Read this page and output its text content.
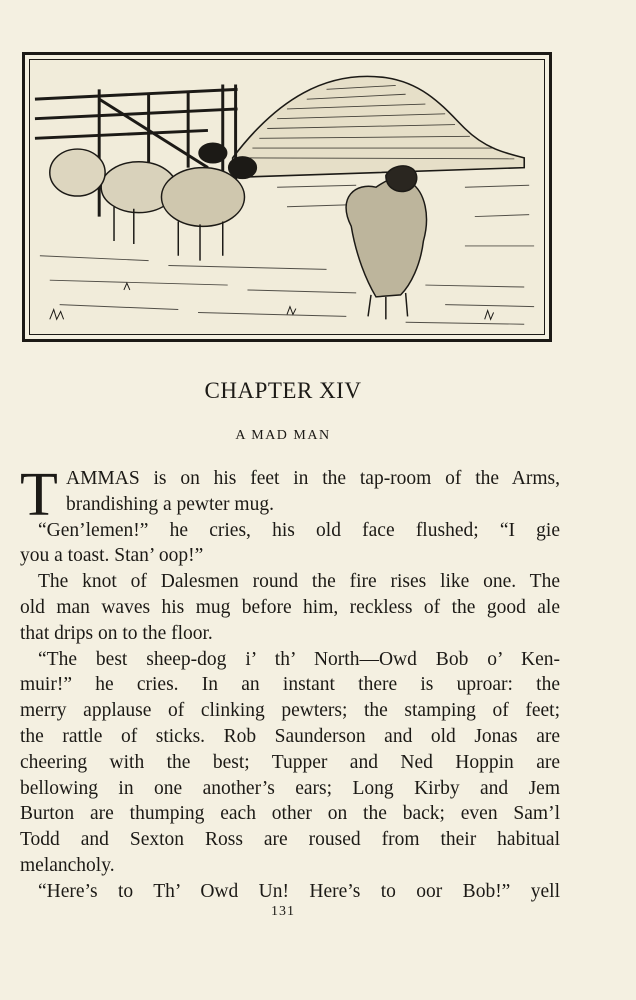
CHAPTER XIV
A MAD MAN
T AMMAS is on his feet in the tap-room of the Arms,
brandishing a pewter mug.
“Gen’lemen!” he cries, his old face flushed; “I gie
you a toast. Stan’ oop!”
The knot of Dalesmen round the fire rises like one. The
old man waves his mug before him, reckless of the good ale
that drips on to the floor.
“The best sheep-dog i’ th’ North—Owd Bob o’ Ken-
muir!” he cries. In an instant there is uproar: the
merry applause of clinking pewters; the stamping of feet;
the rattle of sticks. Rob Saunderson and old Jonas are
cheering with the best; Tupper and Ned Hoppin are
bellowing in one another’s ears; Long Kirby and Jem
Burton are thumping each other on the back; even Sam’l
Todd and Sexton Ross are roused from their habitual
melancholy.
“Here’s to Th’ Owd Un! Here’s to oor Bob!” yell
131
